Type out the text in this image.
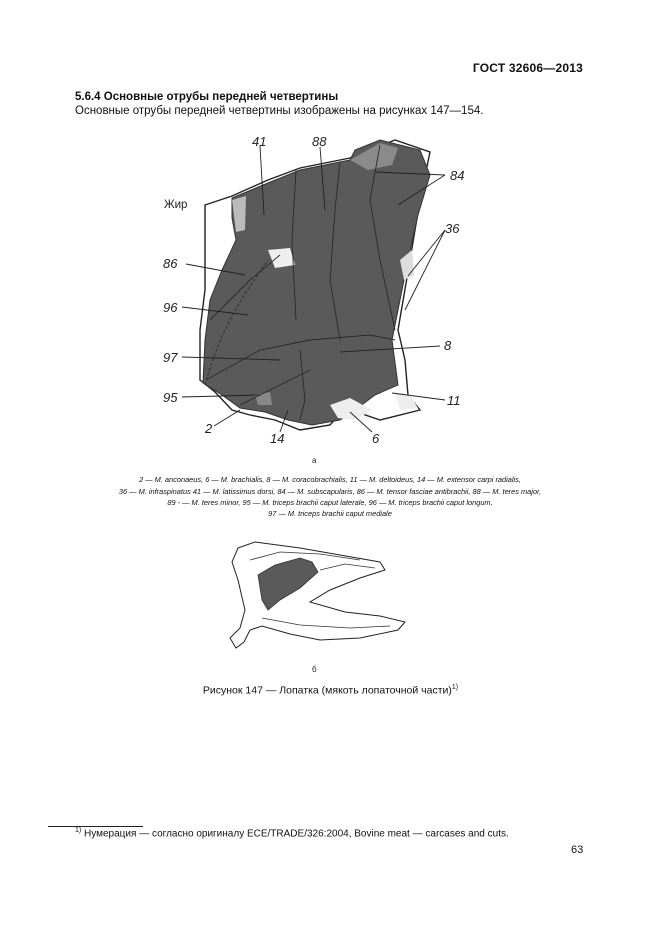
ГОСТ 32606—2013
5.6.4 Основные отрубы передней четвертины
Основные отрубы передней четвертины изображены на рисунках 147—154.
Жир
41	88
84
36
86
96
97
8
95	11
2
14	6
а
2 — M. anconaeus, 6 — M. brachialis, 8 — M. coracobrachialis, 11 — M. deltoideus, 14 — M. extensor carpi radialis,
36 — M. infraspinatus 41 — M. latissimus dorsi, 84 — M. subscapularis, 86 — M. tensor fasciae antibrachii, 88 — M. teres major,
89 - — M. teres minor, 95 — M. triceps brachii caput laterale, 96 — M. triceps brachii caput longum,
97 — M. triceps brachii caput mediale
б
Рисунок 147 — Лопатка (мякоть лопаточной части)$^{1)}$
$^{1)}$ Нумерация — согласно оригиналу ECE/TRADE/326:2004, Bovine meat — carcases and cuts.
63
